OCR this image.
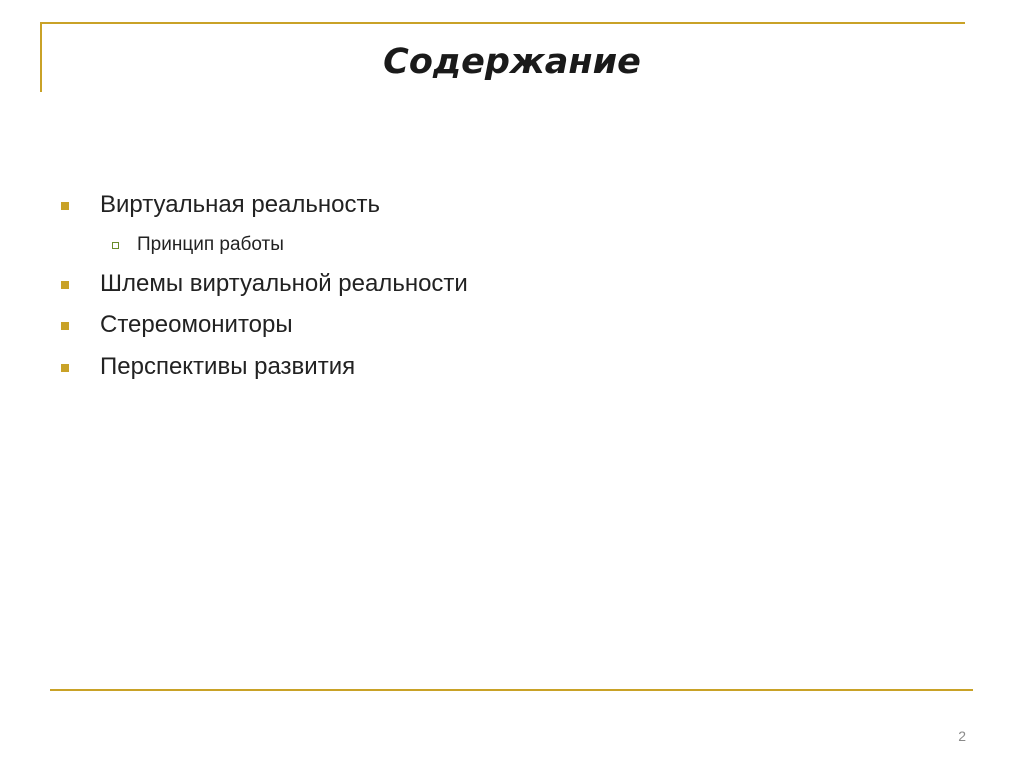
Содержание
Виртуальная реальность
Принцип работы
Шлемы виртуальной реальности
Стереомониторы
Перспективы развития
2
